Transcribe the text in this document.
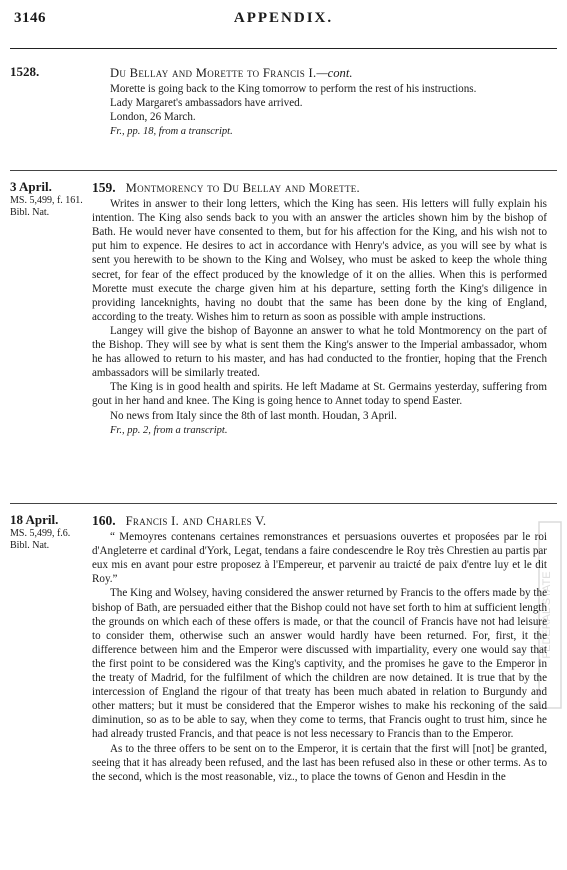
3146	APPENDIX.
1528.	Du Bellay and Morette to Francis I.—cont.

Morette is going back to the King tomorrow to perform the rest of his instructions.

Lady Margaret's ambassadors have arrived.

London, 26 March.

Fr., pp. 18, from a transcript.
3 April.
MS. 5,499, f. 161.
Bibl. Nat.
159. Montmorency to Du Bellay and Morette.

Writes in answer to their long letters, which the King has seen. His letters will fully explain his intention. The King also sends back to you with an answer the articles shown him by the bishop of Bath. He would never have consented to them, but for his affection for the King, and his wish not to put him to expence. He desires to act in accordance with Henry's advice, as you will see by what is sent you herewith to be shown to the King and Wolsey, who must be asked to keep the whole thing secret, for fear of the effect produced by the knowledge of it on the allies. When this is performed Morette must execute the charge given him at his departure, setting forth the King's diligence in providing lanceknights, having no doubt that the same has been done by the king of England, according to the treaty. Wishes him to return as soon as possible with ample instructions.

Langey will give the bishop of Bayonne an answer to what he told Montmorency on the part of the Bishop. They will see by what is sent them the King's answer to the Imperial ambassador, whom he has allowed to return to his master, and has had conducted to the frontier, hoping that the French ambassadors will be similarly treated.

The King is in good health and spirits. He left Madame at St. Germains yesterday, suffering from gout in her hand and knee. The King is going hence to Annet today to spend Easter.

No news from Italy since the 8th of last month. Houdan, 3 April.

Fr., pp. 2, from a transcript.
18 April.
MS. 5,499, f.6.
Bibl. Nat.
160. Francis I. and Charles V.

“ Memoyres contenans certaines remonstrances et persuasions ouvertes et proposées par le roi d'Angleterre et cardinal d'York, Legat, tendans a faire condescendre le Roy très Chrestien au partis par eux mis en avant pour estre proposez à l'Empereur, et parvenir au traicté de paix d'entre luy et le dit Roy.”

The King and Wolsey, having considered the answer returned by Francis to the offers made by the bishop of Bath, are persuaded either that the Bishop could not have set forth to him at sufficient length the grounds on which each of these offers is made, or that the council of Francis have not had leisure to consider them, otherwise such an answer would hardly have been returned. For, first, it the difference between him and the Emperor were discussed with impartiality, every one would say that the first point to be considered was the King's captivity, and the promises he gave to the Emperor in the treaty of Madrid, for the fulfilment of which the children are now detained. It is true that by the intercession of England the rigour of that treaty has been much abated in relation to Burgundy and other matters; but it must be considered that the Emperor wishes to make his reckoning of the said diminution, so as to be able to say, when they come to terms, that Francis ought to trust him, since he had already trusted Francis, and that peace is not less necessary to Francis than to the Emperor.

As to the three offers to be sent on to the Emperor, it is certain that the first will [not] be granted, seeing that it has already been refused, and the last has been refused also in these or other terms. As to the second, which is the most reasonable, viz., to place the towns of Genon and Hesdin in the

FEDERAL STATE
